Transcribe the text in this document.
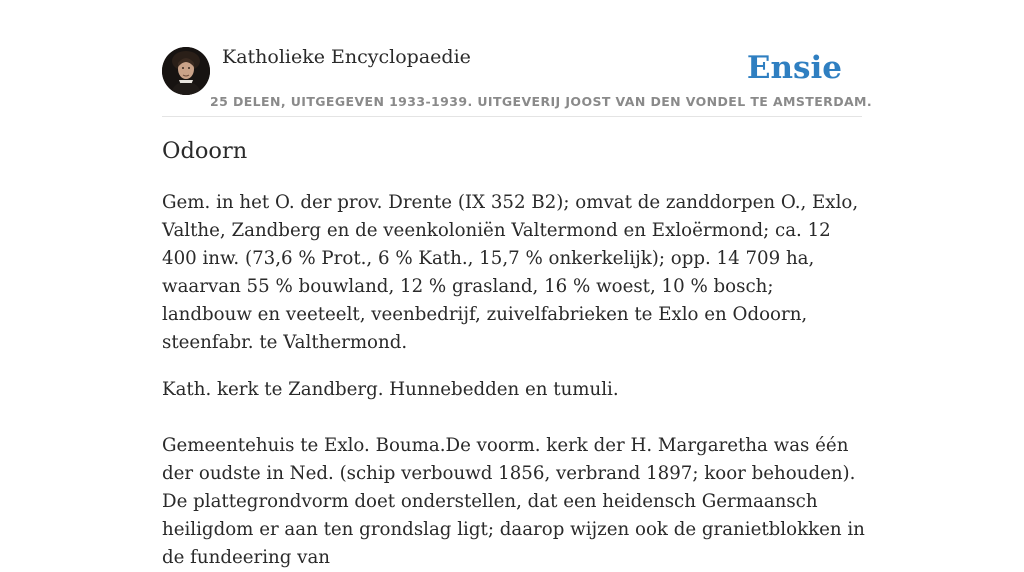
Katholieke Encyclopaedie	Ensie
25 DELEN, UITGEGEVEN 1933-1939. UITGEVERIJ JOOST VAN DEN VONDEL TE AMSTERDAM.
Odoorn

Gem. in het O. der prov. Drente (IX 352 B2); omvat de zanddorpen O., Exlo, Valthe, Zandberg en de veenkoloniën Valtermond en Exloërmond; ca. 12 400 inw. (73,6 % Prot., 6 % Kath., 15,7 % onkerkelijk); opp. 14 709 ha, waarvan 55 % bouwland, 12 % grasland, 16 % woest, 10 % bosch; landbouw en veeteelt, veenbedrijf, zuivelfabrieken te Exlo en Odoorn, steenfabr. te Valthermond.

Kath. kerk te Zandberg. Hunnebedden en tumuli.

Gemeentehuis te Exlo. Bouma.De voorm. kerk der H. Margaretha was één der oudste in Ned. (schip verbouwd 1856, verbrand 1897; koor behouden). De plattegrondvorm doet onderstellen, dat een heidensch Germaansch heiligdom er aan ten grondslag ligt; daarop wijzen ook de granietblokken in de fundeering van
